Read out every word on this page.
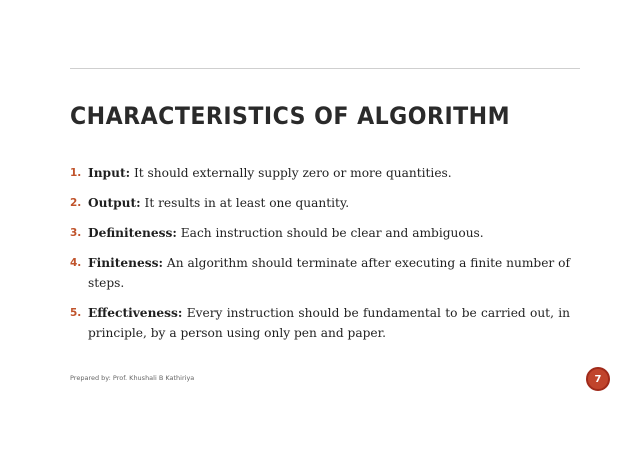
CHARACTERISTICS OF ALGORITHM
1. Input: It should externally supply zero or more quantities.
2. Output: It results in at least one quantity.
3. Definiteness: Each instruction should be clear and ambiguous.
4. Finiteness: An algorithm should terminate after executing a finite number of steps.
5. Effectiveness: Every instruction should be fundamental to be carried out, in principle, by a person using only pen and paper.
Prepared by: Prof. Khushali B Kathiriya	7
